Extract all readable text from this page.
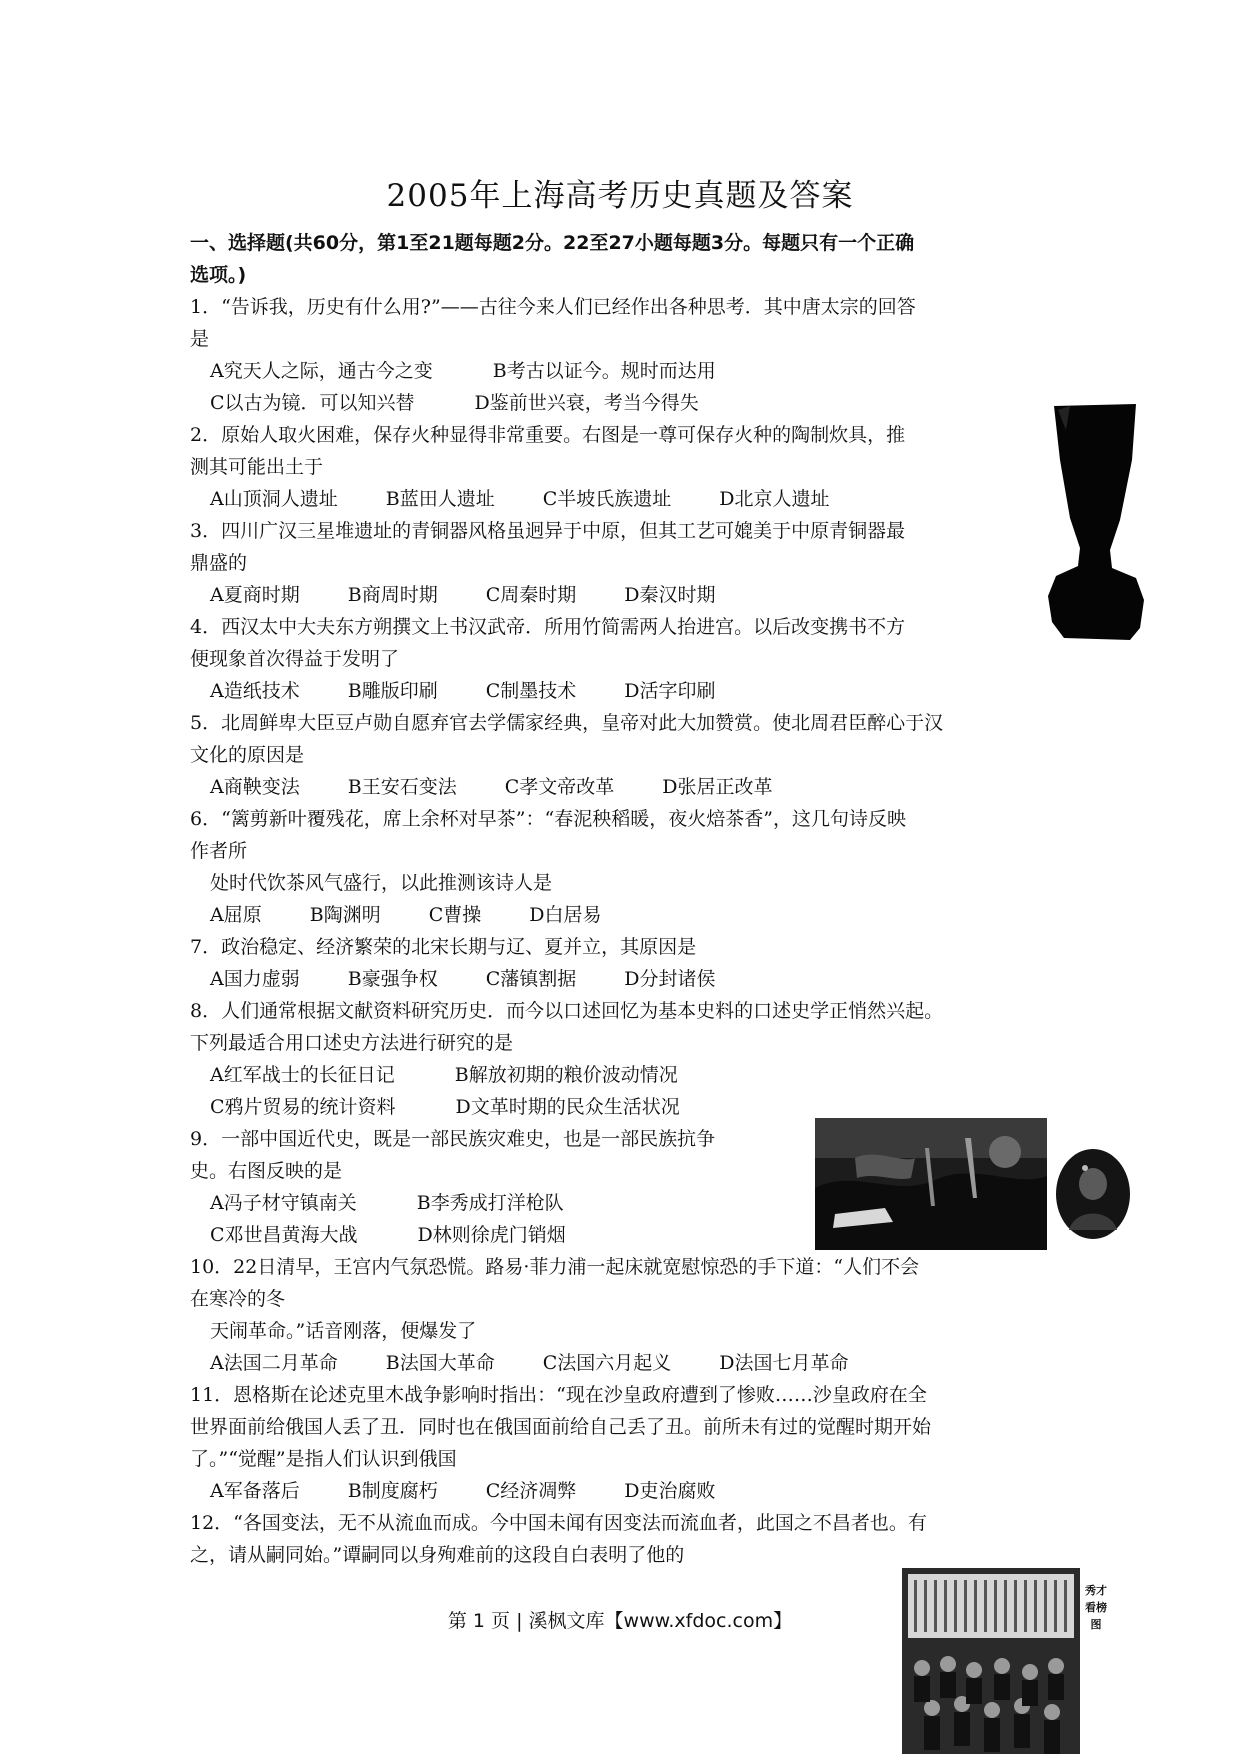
2005年上海高考历史真题及答案

一、选择题(共60分，第1至21题每题2分。22至27小题每题3分。每题只有一个正确

选项。)

1．“告诉我，历史有什么用?”——古往今来人们已经作出各种思考．其中唐太宗的回答

是

A究天人之际，通古今之变	B考古以证今。规时而达用

C以古为镜．可以知兴替	D鉴前世兴衰，考当今得失

2．原始人取火困难，保存火种显得非常重要。右图是一尊可保存火种的陶制炊具，推

测其可能出土于

A山顶洞人遗址	B蓝田人遗址	C半坡氏族遗址	D北京人遗址

3．四川广汉三星堆遗址的青铜器风格虽迥异于中原，但其工艺可媲美于中原青铜器最

鼎盛的

A夏商时期	B商周时期	C周秦时期	D秦汉时期

4．西汉太中大夫东方朔撰文上书汉武帝．所用竹简需两人抬进宫。以后改变携书不方

便现象首次得益于发明了

A造纸技术	B雕版印刷	C制墨技术	D活字印刷

5．北周鲜卑大臣豆卢勋自愿弃官去学儒家经典，皇帝对此大加赞赏。使北周君臣醉心于汉

文化的原因是

A商鞅变法	B王安石变法	C孝文帝改革	D张居正改革

6．“篱剪新叶覆残花，席上余杯对早茶”：“春泥秧稻暖，夜火焙茶香”，这几句诗反映

作者所

处时代饮茶风气盛行，以此推测该诗人是

A屈原	B陶渊明	C曹操	D白居易

7．政治稳定、经济繁荣的北宋长期与辽、夏并立，其原因是

A国力虚弱	B豪强争权	C藩镇割据	D分封诸侯

8．人们通常根据文献资料研究历史．而今以口述回忆为基本史料的口述史学正悄然兴起。

下列最适合用口述史方法进行研究的是

A红军战士的长征日记	B解放初期的粮价波动情况

C鸦片贸易的统计资料	D文革时期的民众生活状况

9．一部中国近代史，既是一部民族灾难史，也是一部民族抗争

史。右图反映的是

A冯子材守镇南关	B李秀成打洋枪队

C邓世昌黄海大战	D林则徐虎门销烟

10．22日清早，王宫内气氛恐慌。路易·菲力浦一起床就宽慰惊恐的手下道：“人们不会

在寒冷的冬

天闹革命。”话音刚落，便爆发了

A法国二月革命	B法国大革命	C法国六月起义	D法国七月革命

11．恩格斯在论述克里木战争影响时指出：“现在沙皇政府遭到了惨败……沙皇政府在全

世界面前给俄国人丢了丑．同时也在俄国面前给自己丢了丑。前所未有过的觉醒时期开始

了。”“觉醒”是指人们认识到俄国

A军备落后	B制度腐朽	C经济凋弊	D吏治腐败

12．“各国变法，无不从流血而成。今中国未闻有因变法而流血者，此国之不昌者也。有

之，请从嗣同始。”谭嗣同以身殉难前的这段自白表明了他的

秀才看榜图
第 1 页 | 溪枫文库【www.xfdoc.com】
